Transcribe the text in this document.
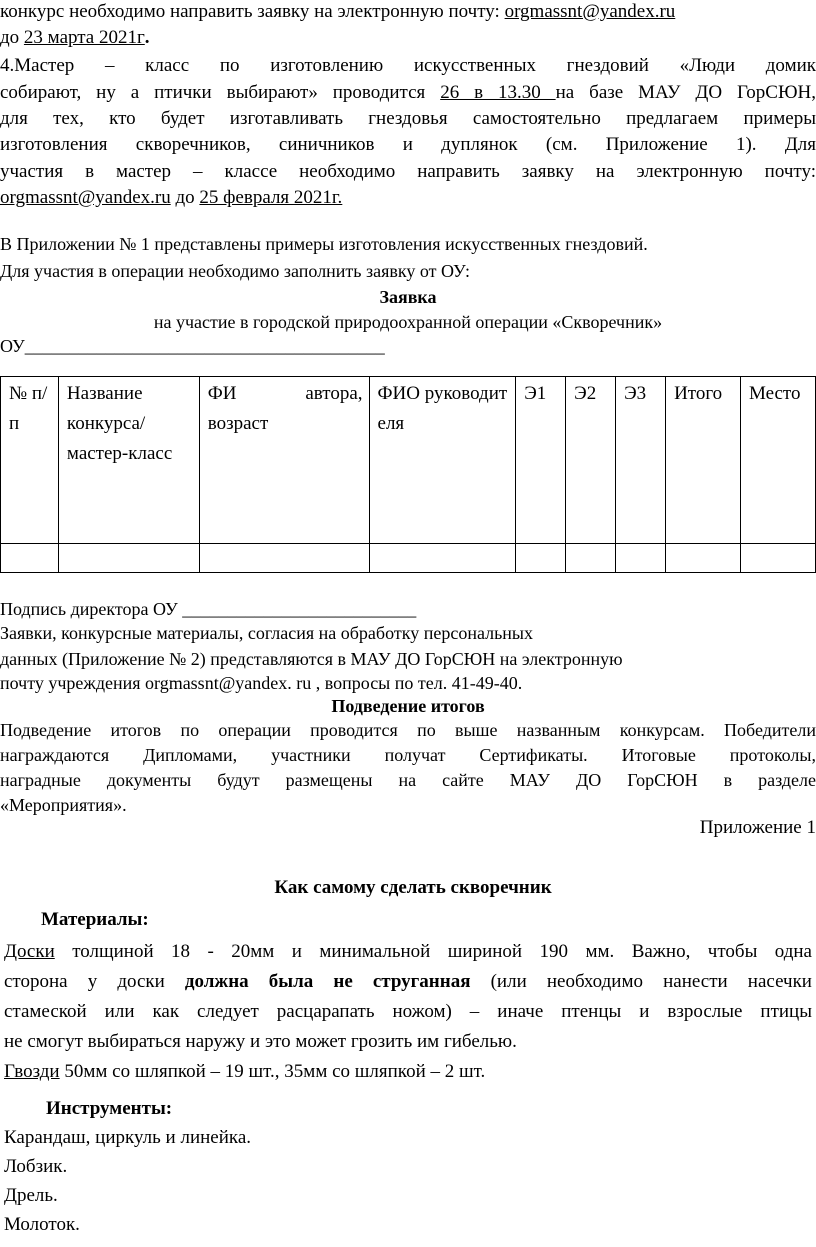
конкурс необходимо направить заявку на электронную почту: orgmassnt@yandex.ru
до 23 марта 2021г.
4.Мастер – класс по изготовлению искусственных гнездовий «Люди домик
собирают, ну а птички выбирают» проводится 26 в 13.30 на базе МАУ ДО ГорСЮН,
для тех, кто будет изготавливать гнездовья самостоятельно предлагаем примеры
изготовления скворечников, синичников и дуплянок (см. Приложение 1). Для
участия в мастер – классе необходимо направить заявку на электронную почту:
orgmassnt@yandex.ru до 25 февраля 2021г.
В Приложении № 1 представлены примеры изготовления искусственных гнездовий.
Для участия в операции необходимо заполнить заявку от ОУ:
Заявка
на участие в городской природоохранной операции «Скворечник»
ОУ________________________________________
№ п/п	Название конкурса/ мастер-класс	ФИ автора, возраст	ФИО руководителя	Э1	Э2	Э3	Итого	Место

Подпись директора ОУ __________________________
Заявки, конкурсные материалы, согласия на обработку персональных
данных (Приложение № 2) представляются в МАУ ДО ГорСЮН на электронную
почту учреждения orgmassnt@yandex. ru , вопросы по тел. 41-49-40.
Подведение итогов
Подведение итогов по операции проводится по выше названным конкурсам. Победители
награждаются Дипломами, участники получат Сертификаты. Итоговые протоколы,
наградные документы будут размещены на сайте МАУ ДО ГорСЮН в разделе
«Мероприятия».
Приложение 1
Как самому сделать скворечник
Материалы:
Доски толщиной 18 - 20мм и минимальной шириной 190 мм. Важно, чтобы одна
сторона у доски должна была не струганная (или необходимо нанести насечки
стамеской или как следует расцарапать ножом) – иначе птенцы и взрослые птицы
не смогут выбираться наружу и это может грозить им гибелью.
Гвозди 50мм со шляпкой – 19 шт., 35мм со шляпкой – 2 шт.
Инструменты:
Карандаш, циркуль и линейка.
Лобзик.
Дрель.
Молоток.
